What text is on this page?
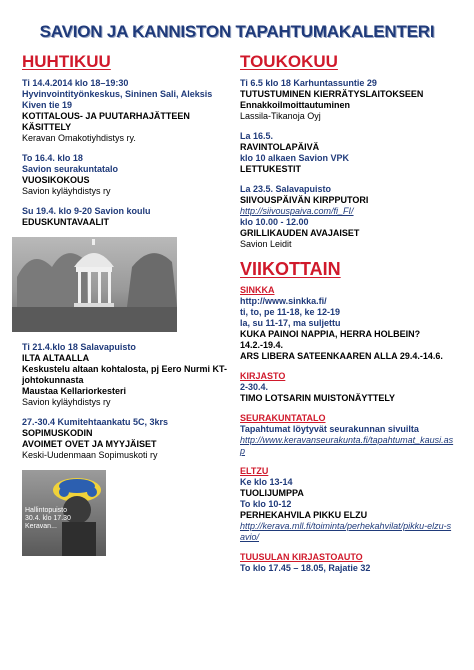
SAVION JA KANNISTON TAPAHTUMAKALENTERI
HUHTIKUU
Ti 14.4.2014 klo 18–19:30
Hyvinvointityönkeskus, Sininen Sali, Aleksis Kiven tie 19
KOTITALOUS- JA PUUTARHAJÄTTEEN KÄSITTELY
Keravan Omakotiyhdistys ry.
To 16.4. klo 18
Savion seurakuntatalo
VUOSIKOKOUS
Savion kyläyhdistys ry
Su 19.4. klo 9-20 Savion koulu
EDUSKUNTAVAALIT
Ti 21.4.klo 18 Salavapuisto
ILTA ALTAALLA
Keskustelu altaan kohtalosta, pj Eero Nurmi KT-johtokunnasta
Maustaa Kellariorkesteri
Savion kyläyhdistys ry
27.-30.4 Kumitehtaankatu 5C, 3krs
SOPIMUSKODIN
AVOIMET OVET JA MYYJÄISET
Keski-Uudenmaan Sopimuskoti ry
Hallintopuisto
30.4. klo 17.30
Keravan...
TOUKOKUU
Ti 6.5 klo 18 Karhuntassuntie 29
TUTUSTUMINEN KIERRÄTYSLAITOKSEEN
Ennakkoilmoittautuminen
Lassila-Tikanoja Oyj
La 16.5.
RAVINTOLAPÄIVÄ
klo 10 alkaen Savion VPK
LETTUKESTIT
La 23.5. Salavapuisto
SIIVOUSPÄIVÄN KIRPPUTORI
http://siivouspaiva.com/fi_FI/
klo 10.00 - 12.00
GRILLIKAUDEN AVAJAISET
Savion Leidit
VIIKOTTAIN
SINKKA
http://www.sinkka.fi/
ti, to, pe 11-18, ke 12-19
la, su 11-17, ma suljettu
KUKA PAINOI NAPPIA, HERRA HOLBEIN? 14.2.-19.4.
ARS LIBERA SATEENKAAREN ALLA 29.4.-14.6.
KIRJASTO
2-30.4.
TIMO LOTSARIN MUISTONÄYTTELY
SEURAKUNTATALO
Tapahtumat löytyvät seurakunnan sivuilta
http://www.keravanseurakunta.fi/tapahtumat_kausi.asp
ELTZU
Ke klo 13-14
TUOLIJUMPPA
To klo 10-12
PERHEKAHVILA PIKKU ELZU
http://kerava.mll.fi/toiminta/perhekahvilat/pikku-elzu-savio/
TUUSULAN KIRJASTOAUTO
To klo 17.45 – 18.05, Rajatie 32
